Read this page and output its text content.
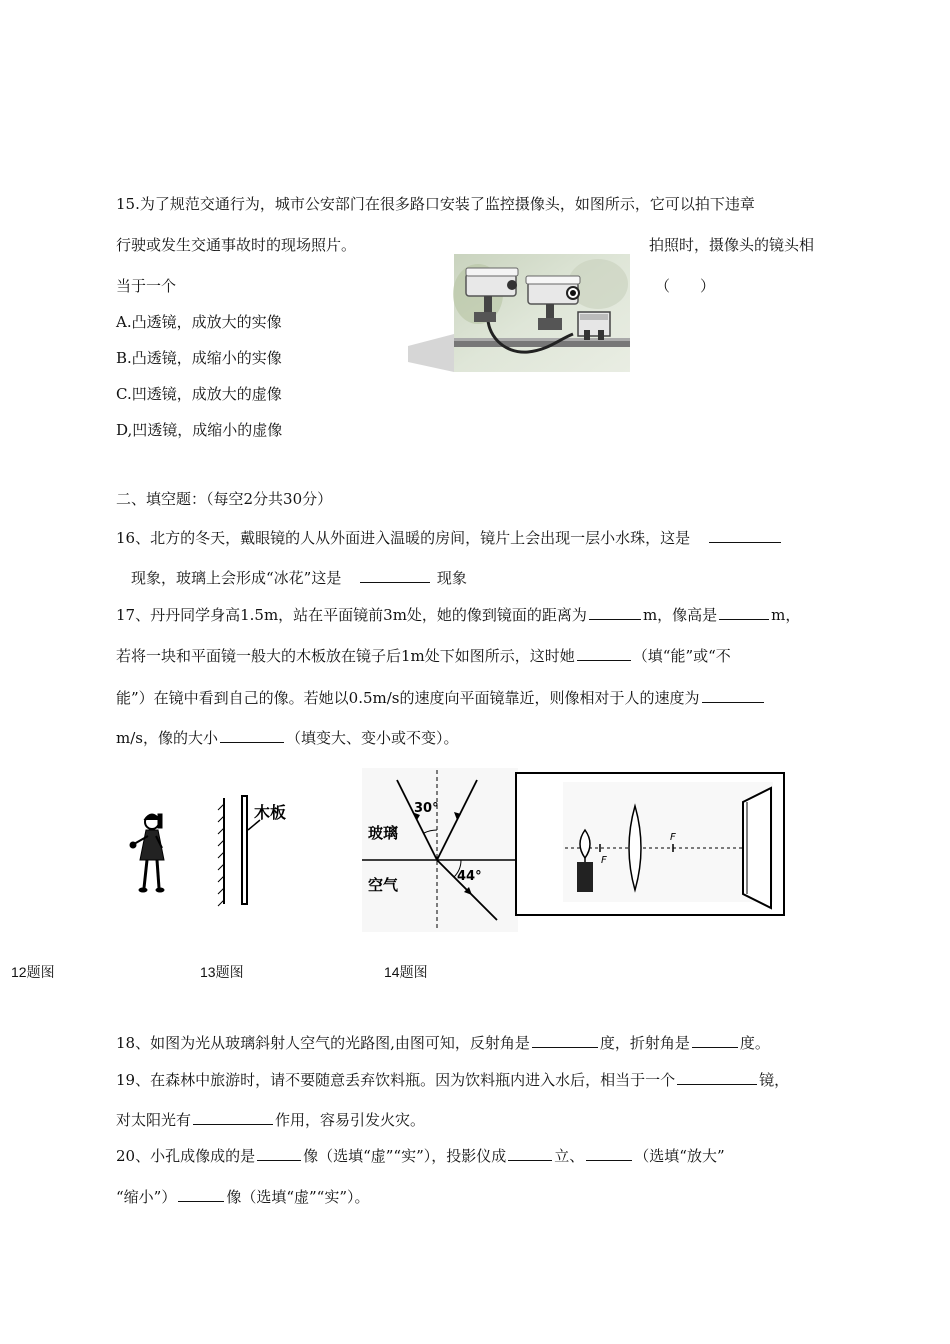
15.为了规范交通行为，城市公安部门在很多路口安装了监控摄像头，如图所示，它可以拍下违章
行驶或发生交通事故时的现场照片。	拍照时，摄像头的镜头相
当于一个	（　　）
A.凸透镜，成放大的实像
B.凸透镜，成缩小的实像
C.凹透镜，成放大的虚像
D,凹透镜，成缩小的虚像
二、填空题：（每空2分共30分）
16、北方的冬天，戴眼镜的人从外面进入温暖的房间，镜片上会出现一层小水珠，这是
现象，玻璃上会形成“冰花”这是	现象
17、丹丹同学身高1.5m，站在平面镜前3m处，她的像到镜面的距离为	m，像高是	m，
若将一块和平面镜一般大的木板放在镜子后1m处下如图所示，这时她	（填“能”或“不
能”）在镜中看到自己的像。若她以0.5m/s的速度向平面镜靠近，则像相对于人的速度为
m/s，像的大小	（填变大、变小或不变）。
木板	30°
44°
玻璃
空气
F
F
12题图	13题图	14题图
18、如图为光从玻璃斜射人空气的光路图,由图可知，反射角是	度，折射角是	度。
19、在森林中旅游时，请不要随意丢弃饮料瓶。因为饮料瓶内进入水后，相当于一个	镜，
对太阳光有	作用，容易引发火灾。
20、小孔成像成的是	像（选填“虚”“实”），投影仪成	立、	（选填“放大”
“缩小”）	像（选填“虚”“实”）。
